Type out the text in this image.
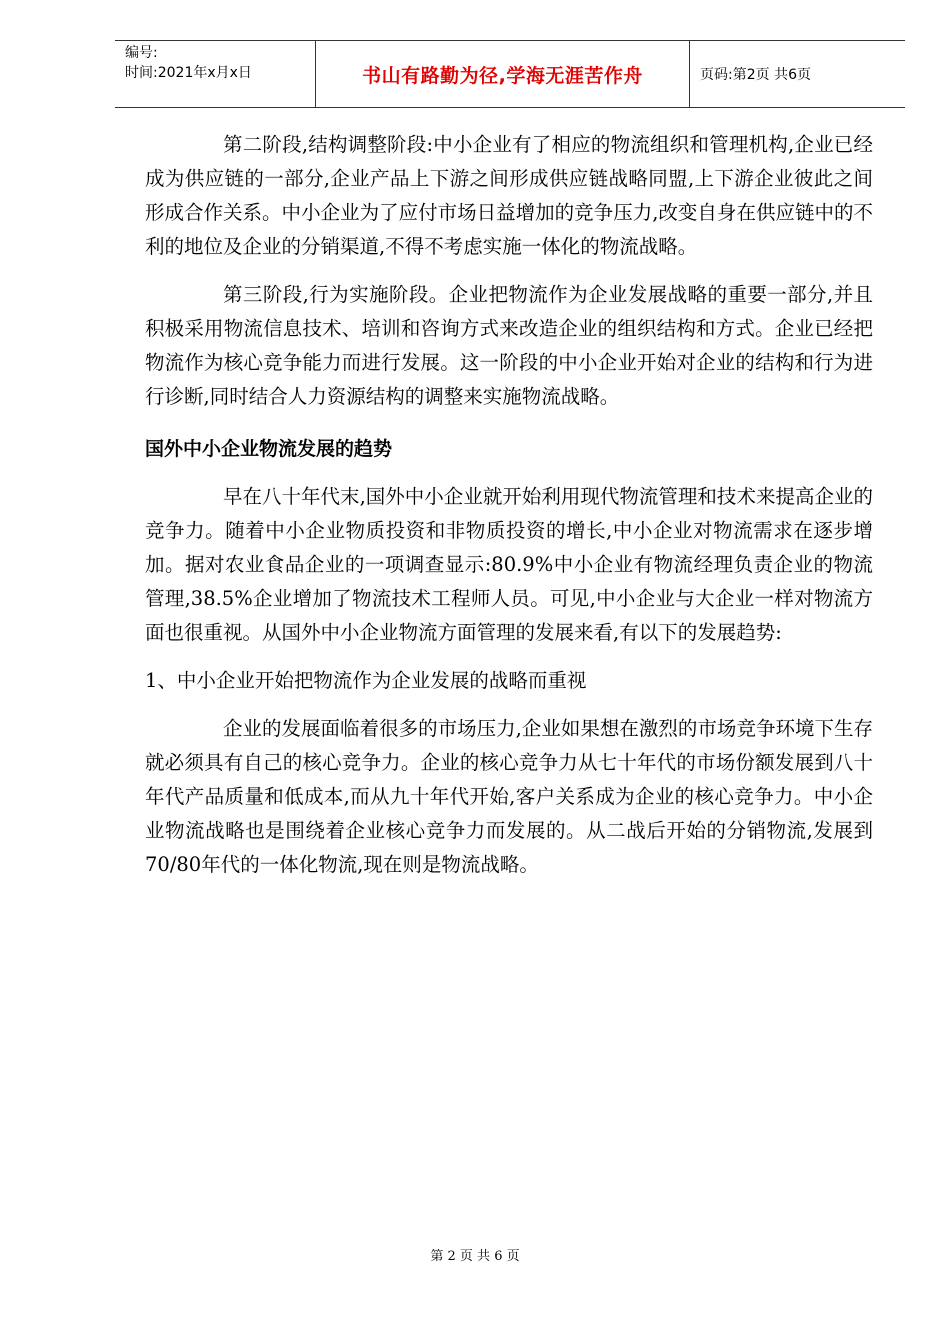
编号:
时间:2021年x月x日	书山有路勤为径,学海无涯苦作舟	页码:第2页 共6页

第二阶段,结构调整阶段:中小企业有了相应的物流组织和管理机构,企业已经成为供应链的一部分,企业产品上下游之间形成供应链战略同盟,上下游企业彼此之间形成合作关系。中小企业为了应付市场日益增加的竞争压力,改变自身在供应链中的不利的地位及企业的分销渠道,不得不考虑实施一体化的物流战略。

第三阶段,行为实施阶段。企业把物流作为企业发展战略的重要一部分,并且积极采用物流信息技术、培训和咨询方式来改造企业的组织结构和方式。企业已经把物流作为核心竞争能力而进行发展。这一阶段的中小企业开始对企业的结构和行为进行诊断,同时结合人力资源结构的调整来实施物流战略。

国外中小企业物流发展的趋势

早在八十年代末,国外中小企业就开始利用现代物流管理和技术来提高企业的竞争力。随着中小企业物质投资和非物质投资的增长,中小企业对物流需求在逐步增加。据对农业食品企业的一项调查显示:80.9%中小企业有物流经理负责企业的物流管理,38.5%企业增加了物流技术工程师人员。可见,中小企业与大企业一样对物流方面也很重视。从国外中小企业物流方面管理的发展来看,有以下的发展趋势:

1、中小企业开始把物流作为企业发展的战略而重视

企业的发展面临着很多的市场压力,企业如果想在激烈的市场竞争环境下生存就必须具有自己的核心竞争力。企业的核心竞争力从七十年代的市场份额发展到八十年代产品质量和低成本,而从九十年代开始,客户关系成为企业的核心竞争力。中小企业物流战略也是围绕着企业核心竞争力而发展的。从二战后开始的分销物流,发展到70/80年代的一体化物流,现在则是物流战略。

第 2 页 共 6 页
